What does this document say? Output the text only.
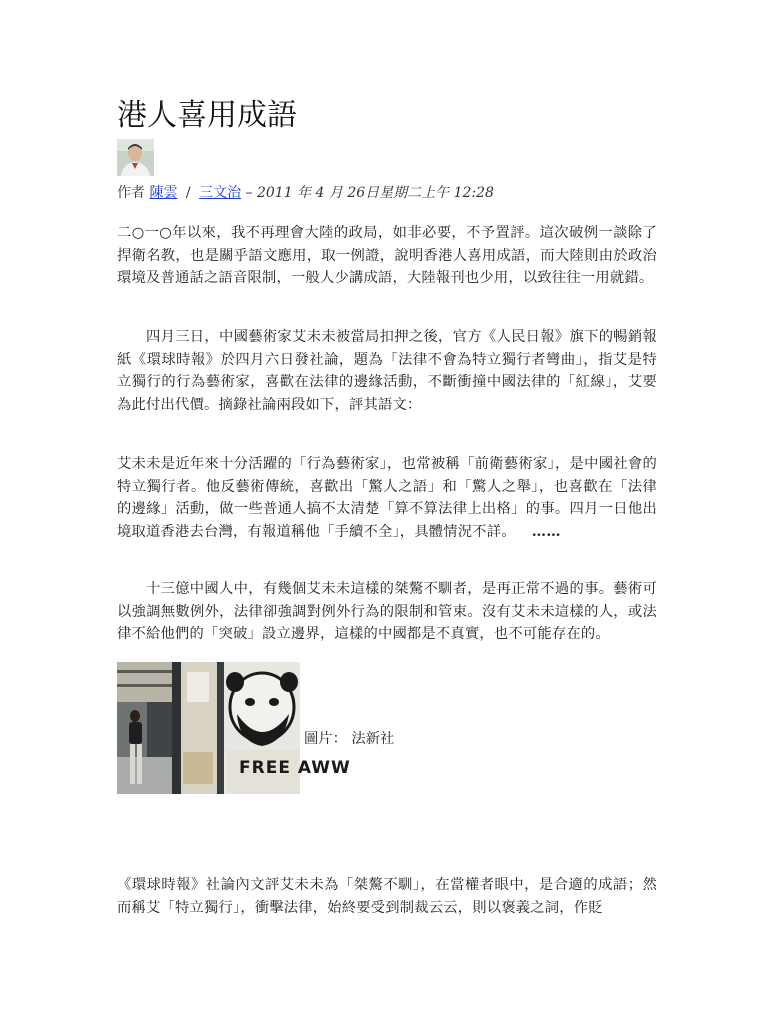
港人喜用成語
作者 陳雲 / 三文治 – 2011 年 4 月 26日星期二上午 12:28

二○一○年以來，我不再理會大陸的政局，如非必要，不予置評。這次破例一談除了捍衛名教，也是關乎語文應用，取一例證，說明香港人喜用成語，而大陸則由於政治環境及普通話之語音限制，一般人少講成語，大陸報刊也少用，以致往往一用就錯。

四月三日，中國藝術家艾未未被當局扣押之後，官方《人民日報》旗下的暢銷報紙《環球時報》於四月六日發社論，題為「法律不會為特立獨行者彎曲」，指艾是特立獨行的行為藝術家，喜歡在法律的邊緣活動，不斷衝撞中國法律的「紅線」，艾要為此付出代價。摘錄社論兩段如下，評其語文：

艾未未是近年來十分活躍的「行為藝術家」，也常被稱「前衛藝術家」，是中國社會的特立獨行者。他反藝術傳統，喜歡出「驚人之語」和「驚人之舉」，也喜歡在「法律的邊緣」活動，做一些普通人搞不太清楚「算不算法律上出格」的事。四月一日他出境取道香港去台灣，有報道稱他「手續不全」，具體情況不詳。 ……

十三億中國人中，有幾個艾未未這樣的桀驁不馴者，是再正常不過的事。藝術可以強調無數例外，法律卻強調對例外行為的限制和管束。沒有艾未未這樣的人，或法律不給他們的「突破」設立邊界，這樣的中國都是不真實，也不可能存在的。

FREE AWW
圖片： 法新社

《環球時報》社論內文評艾未未為「桀驁不馴」，在當權者眼中，是合適的成語；然而稱艾「特立獨行」，衝擊法律，始終要受到制裁云云，則以褒義之詞，作貶
